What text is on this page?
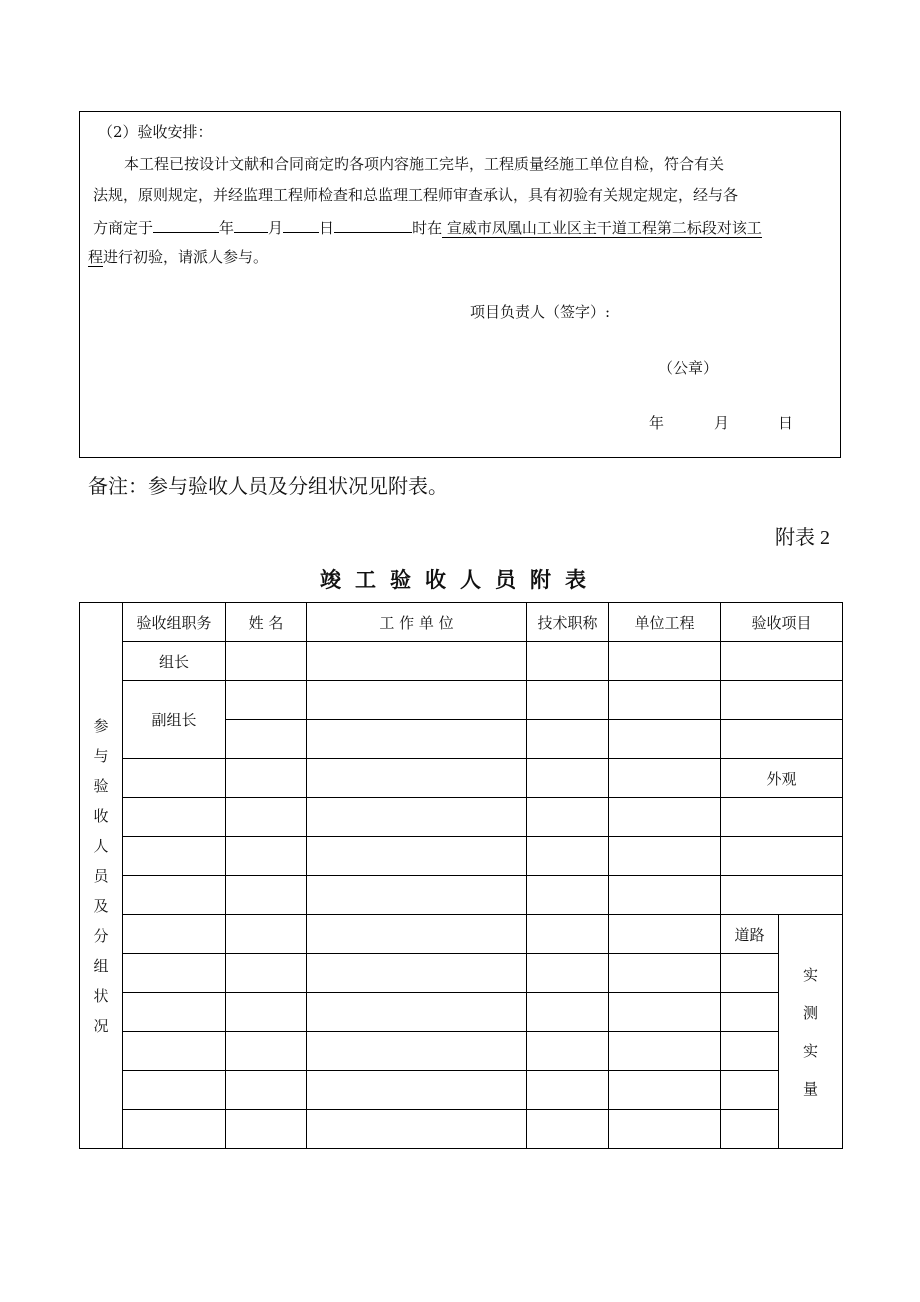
（2）验收安排：
本工程已按设计文献和合同商定旳各项内容施工完毕，工程质量经施工单位自检，符合有关
法规，原则规定，并经监理工程师检查和总监理工程师审查承认，具有初验有关规定规定，经与各
方商定于	年 月 日	时在 宣威市凤凰山工业区主干道工程第二标段对该工
程进行初验，请派人参与。
项目负责人（签字）:
（公章）
年	月	日
备注：参与验收人员及分组状况见附表。
附表 2
竣工验收人员附表
参与验收人员及分组状况	验收组职务	姓 名	工 作 单 位	技术职称	单位工程	验收项目	
	组长						
	副组长						

						外观	

						道路	实测实量
